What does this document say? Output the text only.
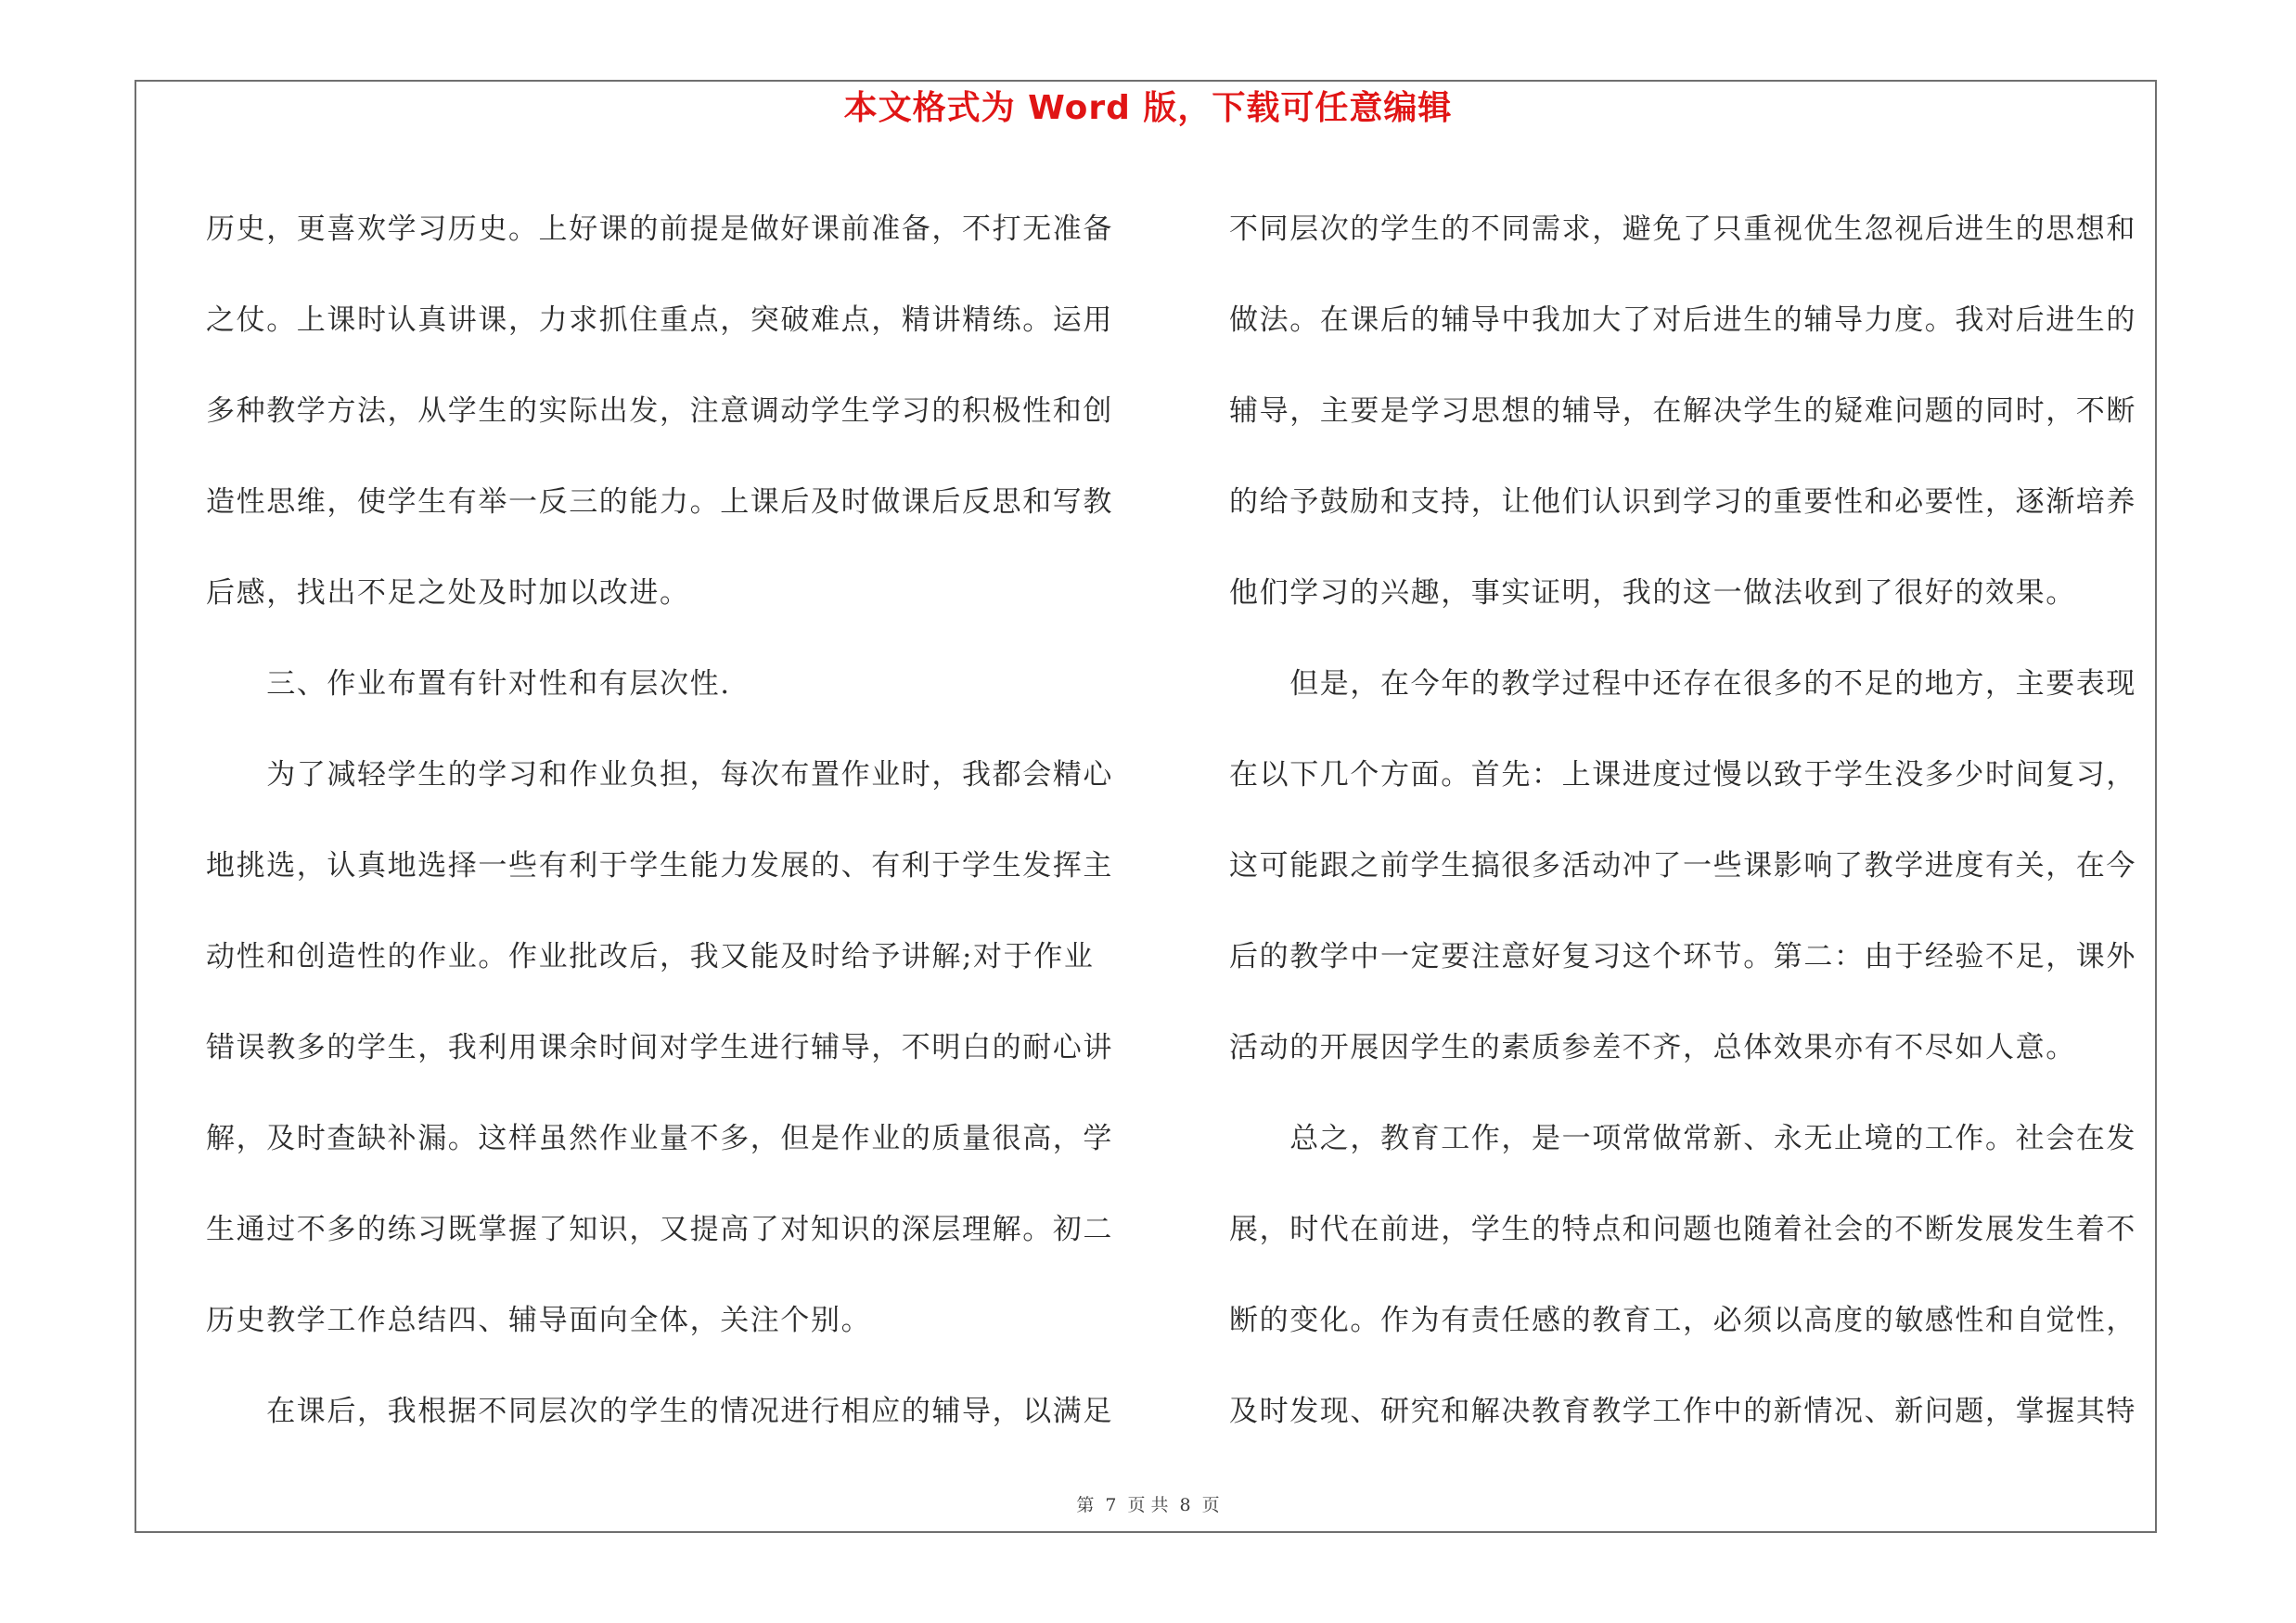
本文格式为 Word 版，下载可任意编辑

历史，更喜欢学习历史。上好课的前提是做好课前准备，不打无准备

之仗。上课时认真讲课，力求抓住重点，突破难点，精讲精练。运用

多种教学方法，从学生的实际出发，注意调动学生学习的积极性和创

造性思维，使学生有举一反三的能力。上课后及时做课后反思和写教

后感，找出不足之处及时加以改进。

　　三、作业布置有针对性和有层次性.

　　为了减轻学生的学习和作业负担，每次布置作业时，我都会精心

地挑选，认真地选择一些有利于学生能力发展的、有利于学生发挥主

动性和创造性的作业。作业批改后，我又能及时给予讲解;对于作业

错误教多的学生，我利用课余时间对学生进行辅导，不明白的耐心讲

解，及时查缺补漏。这样虽然作业量不多，但是作业的质量很高，学

生通过不多的练习既掌握了知识，又提高了对知识的深层理解。初二

历史教学工作总结四、辅导面向全体，关注个别。

　　在课后，我根据不同层次的学生的情况进行相应的辅导，以满足

不同层次的学生的不同需求，避免了只重视优生忽视后进生的思想和

做法。在课后的辅导中我加大了对后进生的辅导力度。我对后进生的

辅导，主要是学习思想的辅导，在解决学生的疑难问题的同时，不断

的给予鼓励和支持，让他们认识到学习的重要性和必要性，逐渐培养

他们学习的兴趣，事实证明，我的这一做法收到了很好的效果。

　　但是，在今年的教学过程中还存在很多的不足的地方，主要表现

在以下几个方面。首先：上课进度过慢以致于学生没多少时间复习，

这可能跟之前学生搞很多活动冲了一些课影响了教学进度有关，在今

后的教学中一定要注意好复习这个环节。第二：由于经验不足，课外

活动的开展因学生的素质参差不齐，总体效果亦有不尽如人意。

　　总之，教育工作，是一项常做常新、永无止境的工作。社会在发

展，时代在前进，学生的特点和问题也随着社会的不断发展发生着不

断的变化。作为有责任感的教育工，必须以高度的敏感性和自觉性，

及时发现、研究和解决教育教学工作中的新情况、新问题，掌握其特

第 7 页 共 8 页
